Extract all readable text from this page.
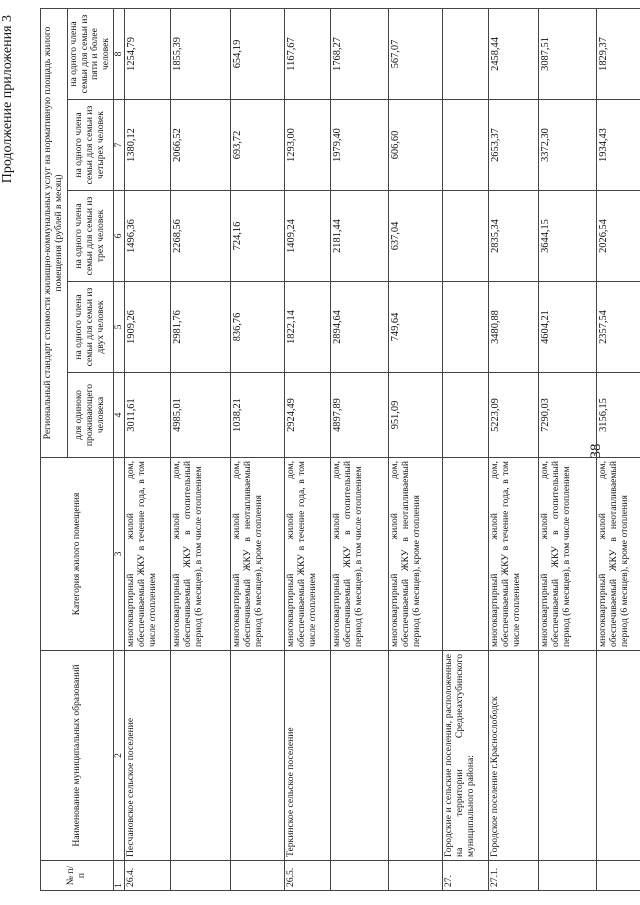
38
Продолжение приложения 3
№ п/п	Наименование муниципальных образований	Категория жилого помещения	Региональный стандарт стоимости жилищно-коммунальных услуг на нормативную площадь жилого помещения (рублей в месяц)				
			для одиноко проживающего человека	на одного члена семьи для семьи из двух человек	на одного члена семьи для семьи из трех человек	на одного члена семьи для семьи из четырех человек	на одного члена семьи для семьи из пяти и более человек
1	2	3	4	5	6	7	8
26.4.	Песчановское сельское поселение	многоквартирный жилой дом, обеспечиваемый ЖКУ в течение года, в том числе отоплением	3011,61	1909,26	1496,36	1380,12	1254,79
		многоквартирный жилой дом, обеспечиваемый ЖКУ в отопительный период (6 месяцев), в том числе отоплением	4985,01	2981,76	2268,56	2066,52	1855,39
		многоквартирный жилой дом, обеспечиваемый ЖКУ в неотапливаемый период (6 месяцев), кроме отопления	1038,21	836,76	724,16	693,72	654,19
26.5.	Теркинское сельское поселение	многоквартирный жилой дом, обеспечиваемый ЖКУ в течение года, в том числе отоплением	2924,49	1822,14	1409,24	1293,00	1167,67
		многоквартирный жилой дом, обеспечиваемый ЖКУ в отопительный период (6 месяцев), в том числе отоплением	4897,89	2894,64	2181,44	1979,40	1768,27
		многоквартирный жилой дом, обеспечиваемый ЖКУ в неотапливаемый период (6 месяцев), кроме отопления	951,09	749,64	637,04	606,60	567,07
27.	Городские и сельские поселения, расположенные на территории Среднеахтубинского муниципального района:						
27.1.	Городское поселение г.Краснослободск	многоквартирный жилой дом, обеспечиваемый ЖКУ в течение года, в том числе отоплением	5223,09	3480,88	2835,34	2653,37	2458,44
		многоквартирный жилой дом, обеспечиваемый ЖКУ в отопительный период (6 месяцев), в том числе отоплением	7290,03	4604,21	3644,15	3372,30	3087,51
		многоквартирный жилой дом, обеспечиваемый ЖКУ в неотапливаемый период (6 месяцев), кроме отопления	3156,15	2357,54	2026,54	1934,43	1829,37
